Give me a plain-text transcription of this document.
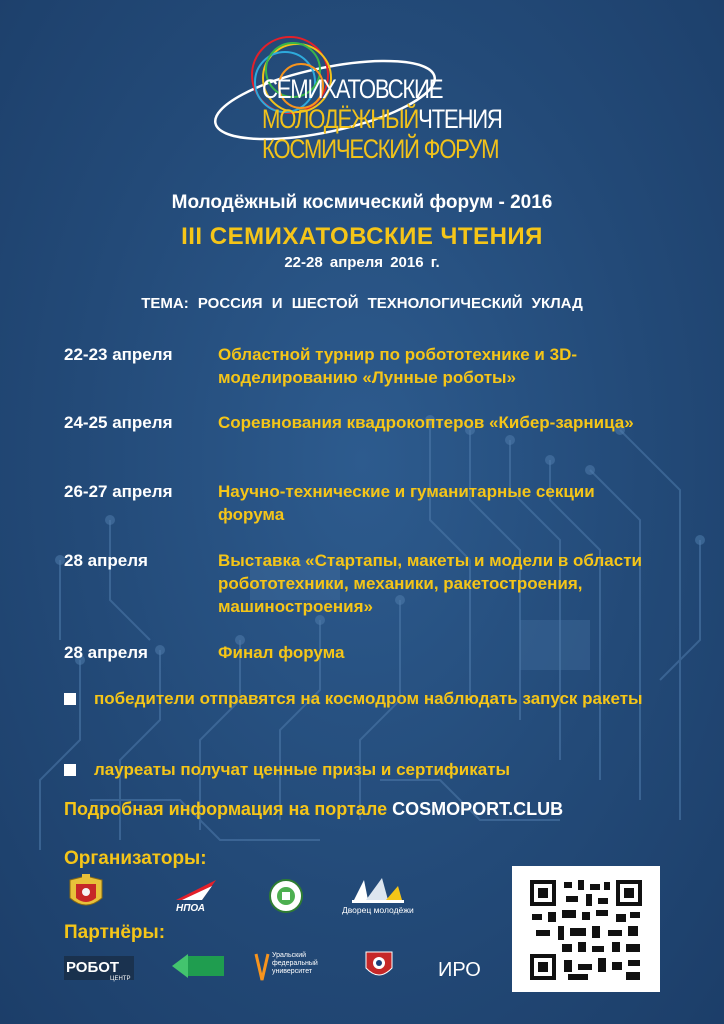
СЕМИХАТОВСКИЕ
МОЛОДЁЖНЫЙЧТЕНИЯ
КОСМИЧЕСКИЙ ФОРУМ
Молодёжный космический форум - 2016
III СЕМИХАТОВСКИЕ ЧТЕНИЯ
22-28 апреля 2016 г.
ТЕМА: РОССИЯ И ШЕСТОЙ ТЕХНОЛОГИЧЕСКИЙ УКЛАД
22-23 апреля	Областной турнир по робототехнике и 3D-моделированию «Лунные роботы»
24-25 апреля	Соревнования квадрокоптеров «Кибер-зарница»
26-27 апреля	Научно-технические и гуманитарные секции форума
28 апреля	Выставка «Стартапы, макеты и модели в области робототехники, механики, ракетостроения, машиностроения»
28 апреля	Финал форума
победители отправятся на космодром наблюдать запуск ракеты
лауреаты получат ценные призы и сертификаты
Подробная информация на портале COSMOPORT.CLUB
Организаторы:
НПОА	Дворец молодёжи
Партнёры:
РОБОТ
ЦЕНТР
Уральский федеральный университет	ИРО
